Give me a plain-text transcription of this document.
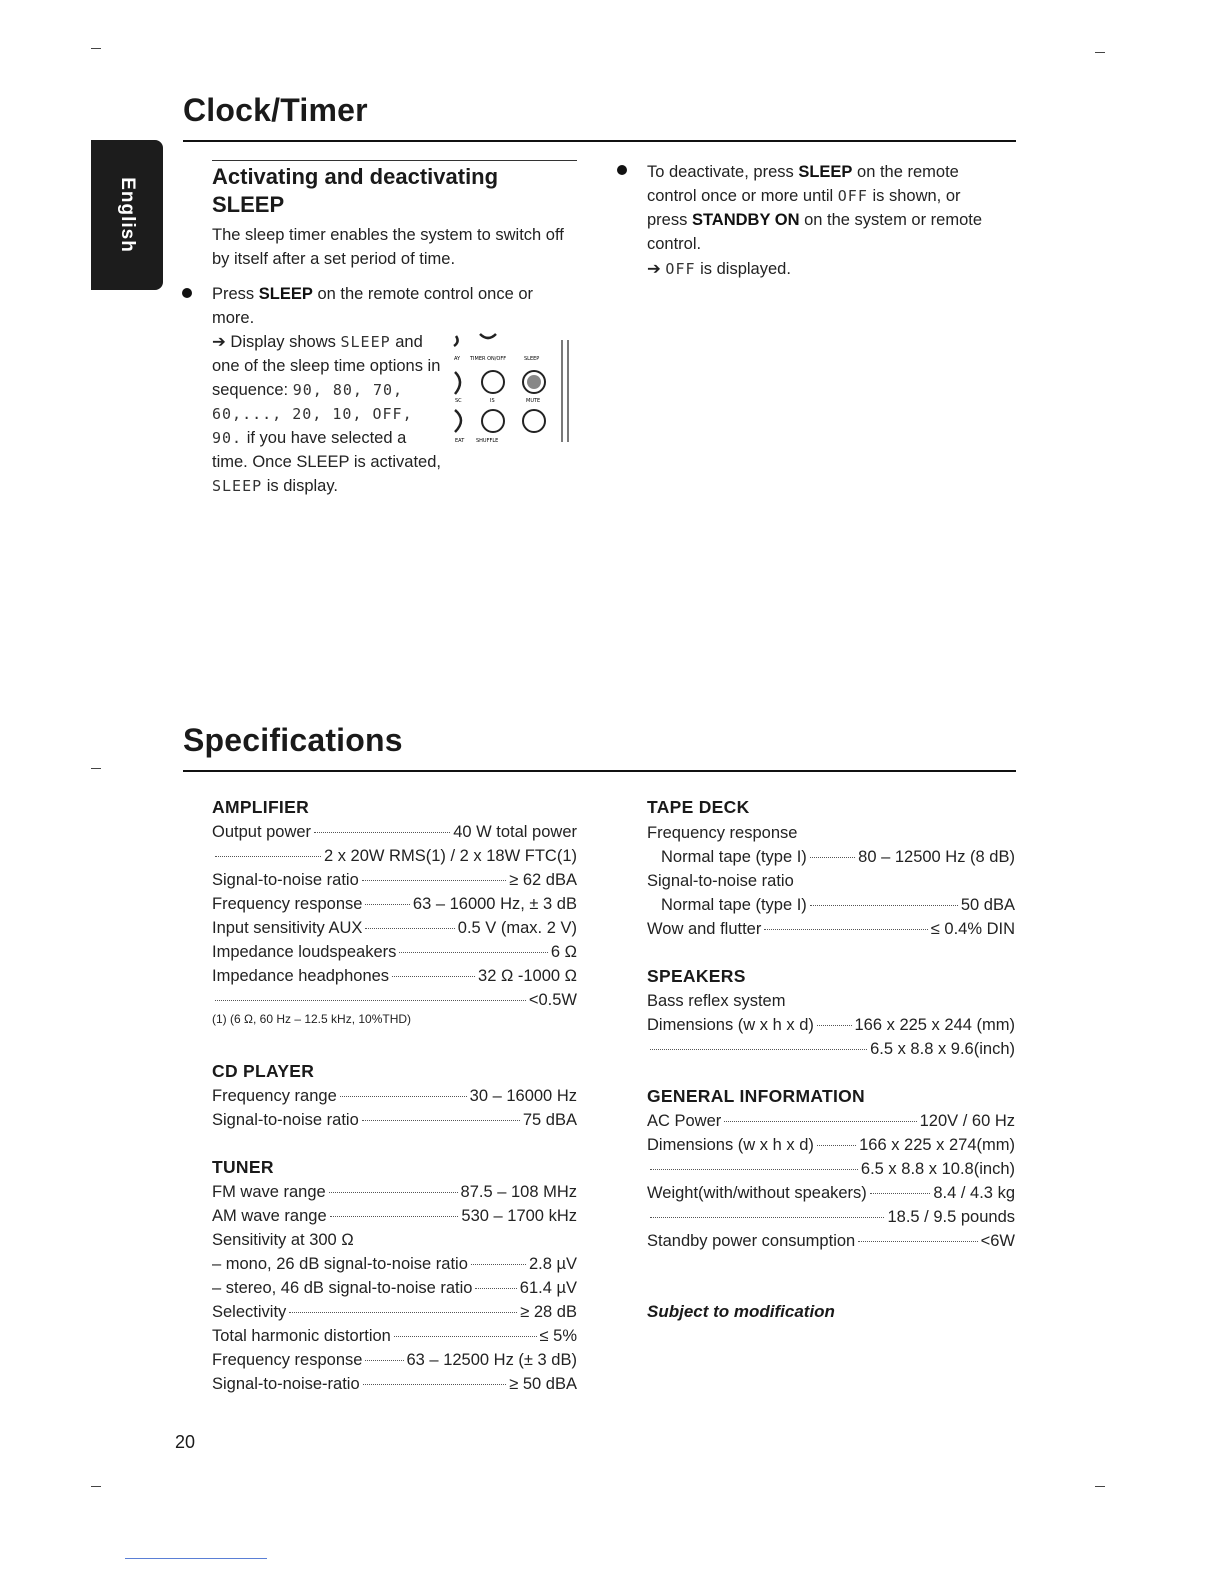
English
Clock/Timer
Activating and deactivating SLEEP
The sleep timer enables the system to switch off by itself after a set period of time.
Press SLEEP on the remote control once or more.
➔ Display shows SLEEP and one of the sleep time options in sequence: 90, 80, 70, 60,..., 20, 10, OFF, 90. if you have selected a time. Once SLEEP is activated, SLEEP is display.
AY TIMER ON/OFF	SLEEP
SC	IS	MUTE
EAT SHUFFLE
To deactivate, press SLEEP on the remote control once or more until OFF is shown, or press STANDBY ON on the system or remote control.
➔ OFF is displayed.
Specifications
AMPLIFIER
Output power	40 W total power
2 x 20W RMS(1) / 2 x 18W FTC(1)
Signal-to-noise ratio	≥ 62 dBA
Frequency response	63 – 16000 Hz, ± 3 dB
Input sensitivity AUX	0.5 V (max. 2 V)
Impedance loudspeakers	6 Ω
Impedance headphones	32 Ω -1000 Ω
<0.5W
(1) (6 Ω, 60 Hz – 12.5 kHz, 10%THD)
CD PLAYER
Frequency range	30 – 16000 Hz
Signal-to-noise ratio	75 dBA
TUNER
FM wave range	87.5 – 108 MHz
AM wave range	530 – 1700 kHz
Sensitivity at 300 Ω
– mono, 26 dB signal-to-noise ratio	2.8 µV
– stereo, 46 dB signal-to-noise ratio	61.4 µV
Selectivity	≥ 28 dB
Total harmonic distortion	≤ 5%
Frequency response	63 – 12500 Hz (± 3 dB)
Signal-to-noise-ratio	≥ 50 dBA
TAPE DECK
Frequency response
Normal tape (type I)	80 – 12500 Hz (8 dB)
Signal-to-noise ratio
Normal tape (type I)	50 dBA
Wow and flutter	≤ 0.4% DIN
SPEAKERS
Bass reflex system
Dimensions (w x h x d) 166 x 225 x 244 (mm)
6.5 x 8.8 x 9.6(inch)
GENERAL INFORMATION
AC Power	120V / 60 Hz
Dimensions (w x h x d)	166 x 225 x 274(mm)
6.5 x 8.8 x 10.8(inch)
Weight(with/without speakers)	8.4 / 4.3 kg
18.5 / 9.5 pounds
Standby power consumption	<6W
Subject to modification
20
